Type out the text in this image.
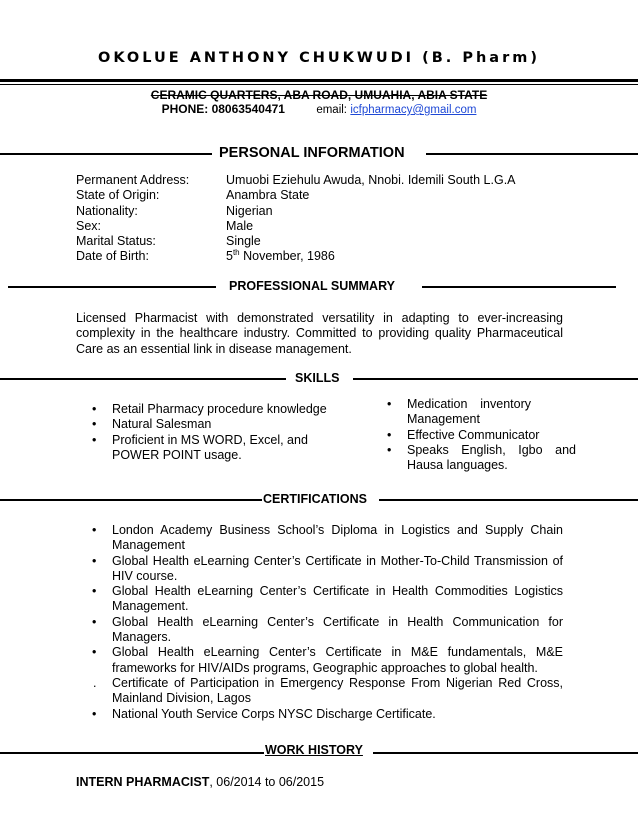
OKOLUE ANTHONY CHUKWUDI (B. Pharm)
CERAMIC QUARTERS, ABA ROAD, UMUAHIA, ABIA STATE
PHONE: 08063540471	email: icfpharmacy@gmail.com
PERSONAL INFORMATION
Permanent Address:	Umuobi Eziehulu Awuda, Nnobi. Idemili South L.G.A
State of Origin:	Anambra State
Nationality:	Nigerian
Sex:	Male
Marital Status:	Single
Date of Birth:	5th November, 1986
PROFESSIONAL SUMMARY

Licensed Pharmacist with demonstrated versatility in adapting to ever-increasing complexity in the healthcare industry. Committed to providing quality Pharmaceutical Care as an essential link in disease management.

SKILLS
• Retail Pharmacy procedure knowledge
• Natural Salesman
• Proficient in MS WORD, Excel, and POWER POINT usage.
• Medication inventory Management
• Effective Communicator
• Speaks English, Igbo and Hausa languages.
CERTIFICATIONS
• London Academy Business School’s Diploma in Logistics and Supply Chain Management
• Global Health eLearning Center’s Certificate in Mother-To-Child Transmission of HIV course.
• Global Health eLearning Center’s Certificate in Health Commodities Logistics Management.
• Global Health eLearning Center’s Certificate in Health Communication for Managers.
• Global Health eLearning Center’s Certificate in M&E fundamentals, M&E frameworks for HIV/AIDs programs, Geographic approaches to global health.
. Certificate of Participation in Emergency Response From Nigerian Red Cross, Mainland Division, Lagos
• National Youth Service Corps NYSC Discharge Certificate.
WORK HISTORY
INTERN PHARMACIST, 06/2014 to 06/2015
